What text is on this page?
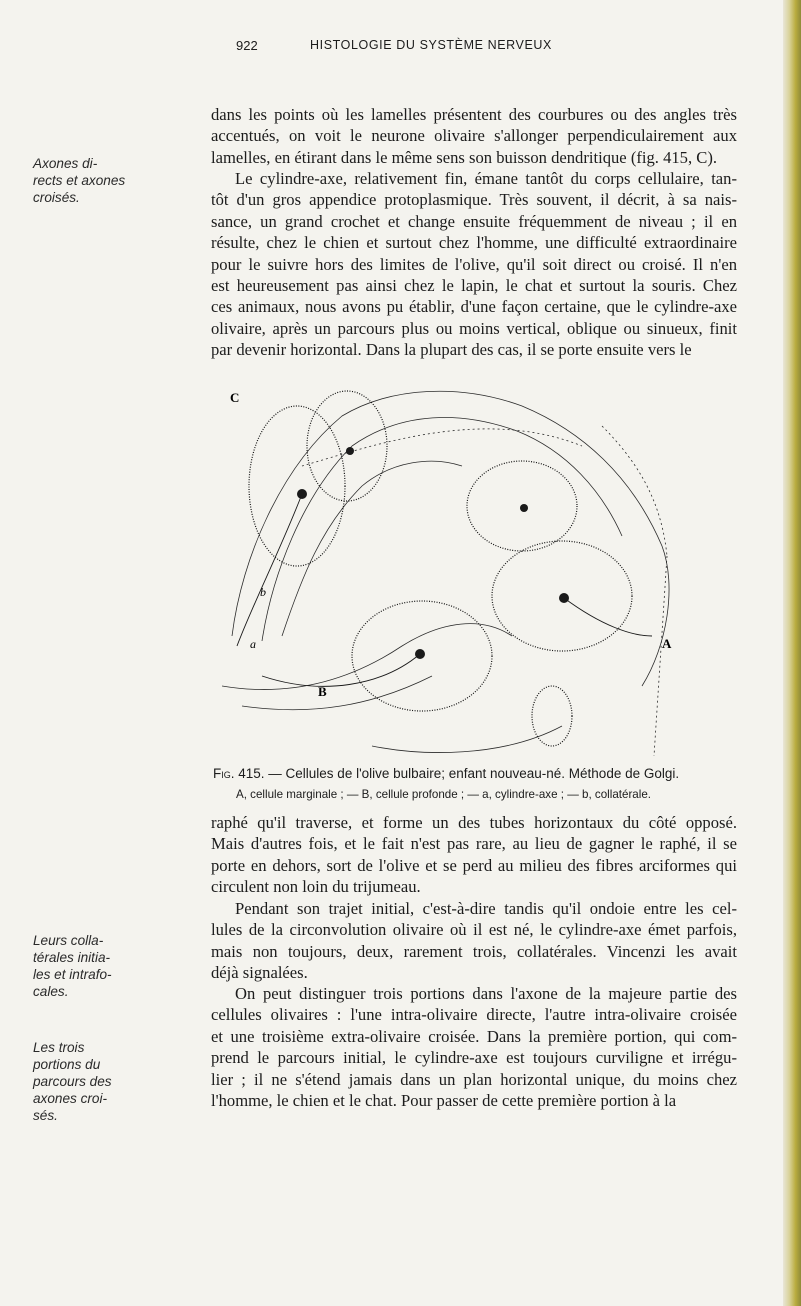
922	HISTOLOGIE DU SYSTÈME NERVEUX
Axones di-
rects et axones
croisés.
Leurs colla-
térales initia-
les et intrafo-
cales.
Les trois
portions du
parcours des
axones croi-
sés.
dans les points où les lamelles présentent des courbures ou des angles très
accentués, on voit le neurone olivaire s'allonger perpendiculairement aux
lamelles, en étirant dans le même sens son buisson dendritique (fig. 415, C).
Le cylindre-axe, relativement fin, émane tantôt du corps cellulaire, tan-
tôt d'un gros appendice protoplasmique. Très souvent, il décrit, à sa nais-
sance, un grand crochet et change ensuite fréquemment de niveau ; il en
résulte, chez le chien et surtout chez l'homme, une difficulté extraordinaire
pour le suivre hors des limites de l'olive, qu'il soit direct ou croisé. Il n'en
est heureusement pas ainsi chez le lapin, le chat et surtout la souris. Chez
ces animaux, nous avons pu établir, d'une façon certaine, que le cylindre-axe
olivaire, après un parcours plus ou moins vertical, oblique ou sinueux, finit
par devenir horizontal. Dans la plupart des cas, il se porte ensuite vers le
C
A
B
a
b
Fig. 415. — Cellules de l'olive bulbaire; enfant nouveau-né. Méthode de Golgi.
A, cellule marginale ; — B, cellule profonde ; — a, cylindre-axe ; — b, collatérale.
raphé qu'il traverse, et forme un des tubes horizontaux du côté opposé.
Mais d'autres fois, et le fait n'est pas rare, au lieu de gagner le raphé, il se
porte en dehors, sort de l'olive et se perd au milieu des fibres arciformes qui
circulent non loin du trijumeau.
Pendant son trajet initial, c'est-à-dire tandis qu'il ondoie entre les cel-
lules de la circonvolution olivaire où il est né, le cylindre-axe émet parfois,
mais non toujours, deux, rarement trois, collatérales. Vincenzi les avait
déjà signalées.
On peut distinguer trois portions dans l'axone de la majeure partie des
cellules olivaires : l'une intra-olivaire directe, l'autre intra-olivaire croisée
et une troisième extra-olivaire croisée. Dans la première portion, qui com-
prend le parcours initial, le cylindre-axe est toujours curviligne et irrégu-
lier ; il ne s'étend jamais dans un plan horizontal unique, du moins chez
l'homme, le chien et le chat. Pour passer de cette première portion à la
